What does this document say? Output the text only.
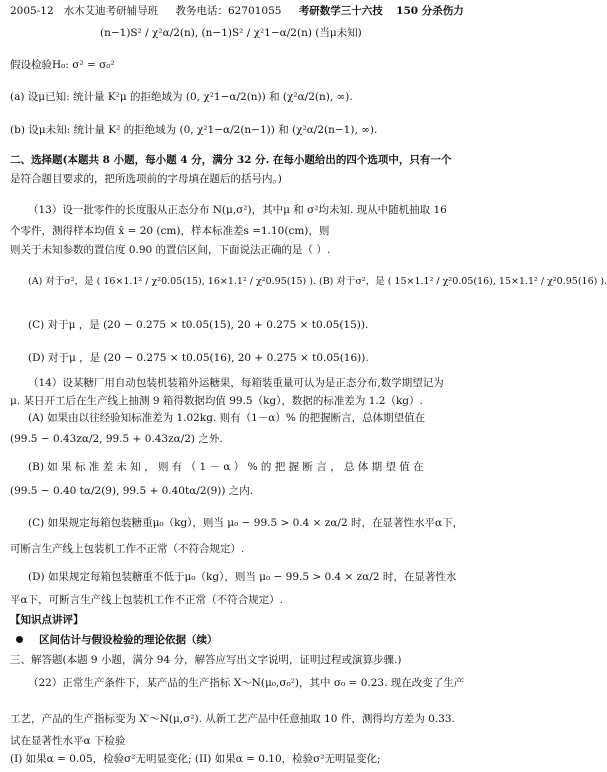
2005-12 水木艾迪考研辅导班 教务电话：62701055 考研数学三十六技 150 分杀伤力
(n−1)S² / χ²α/2(n), (n−1)S² / χ²1−α/2(n) (当μ未知)
假设检验H₀: σ² = σ₀²
(a) 设μ已知: 统计量 K²μ 的拒绝域为 (0, χ²1−α/2(n)) 和 (χ²α/2(n), ∞).
(b) 设μ未知: 统计量 K² 的拒绝域为 (0, χ²1−α/2(n−1)) 和 (χ²α/2(n−1), ∞).
二、选择题(本题共 8 小题，每小题 4 分，满分 32 分. 在每小题给出的四个选项中，只有一个
是符合题目要求的，把所选项前的字母填在题后的括号内。)
（13）设一批零件的长度服从正态分布 N(μ,σ²)，其中μ 和 σ²均未知. 现从中随机抽取 16
个零件，测得样本均值 x̄ = 20 (cm)，样本标准差s =1.10(cm)，则
则关于未知参数的置信度 0.90 的置信区间，下面说法正确的是（ ）.
(A) 对于σ²，是 ( 16×1.1² / χ²0.05(15), 16×1.1² / χ²0.95(15) ). (B) 对于σ²，是 ( 15×1.1² / χ²0.05(16), 15×1.1² / χ²0.95(16) ).
(C) 对于μ ，是 (20 − 0.275 × t0.05(15), 20 + 0.275 × t0.05(15)).
(D) 对于μ ，是 (20 − 0.275 × t0.05(16), 20 + 0.275 × t0.05(16)).
（14）设某糖厂用自动包装机装箱外运糖果，每箱装重量可认为是正态分布,数学期望记为
μ. 某日开工后在生产线上抽测 9 箱得数据均值 99.5（kg），数据的标准差为 1.2（kg）.
(A) 如果由以往经验知标准差为 1.02kg. 则有（1－α）% 的把握断言，总体期望值在
(99.5 − 0.43zα/2, 99.5 + 0.43zα/2) 之外.
(B) 如 果 标 准 差 未 知 ， 则 有 （ 1 － α ） % 的 把 握 断 言 ， 总 体 期 望 值 在
(99.5 − 0.40 tα/2(9), 99.5 + 0.40tα/2(9)) 之内.
(C) 如果规定每箱包装糖重μ₀（kg），则当 μ₀ − 99.5 > 0.4 × zα/2 时，在显著性水平α下，
可断言生产线上包装机工作不正常（不符合规定）.
(D) 如果规定每箱包装糖重不低于μ₀（kg），则当 μ₀ − 99.5 > 0.4 × zα/2 时，在显著性水
平α下，可断言生产线上包装机工作不正常（不符合规定）.
【知识点讲评】
区间估计与假设检验的理论依据（续）
三、解答题(本题 9 小题，满分 94 分，解答应写出文字说明，证明过程或演算步骤.)
（22）正常生产条件下，某产品的生产指标 X～N(μ₀,σ₀²)，其中 σ₀ = 0.23. 现在改变了生产
工艺，产品的生产指标变为 X′～N(μ,σ²). 从新工艺产品中任意抽取 10 件，测得均方差为 0.33.
试在显著性水平α 下检验
(I) 如果α = 0.05，检验σ²无明显变化; (II) 如果α = 0.10，检验σ²无明显变化;
